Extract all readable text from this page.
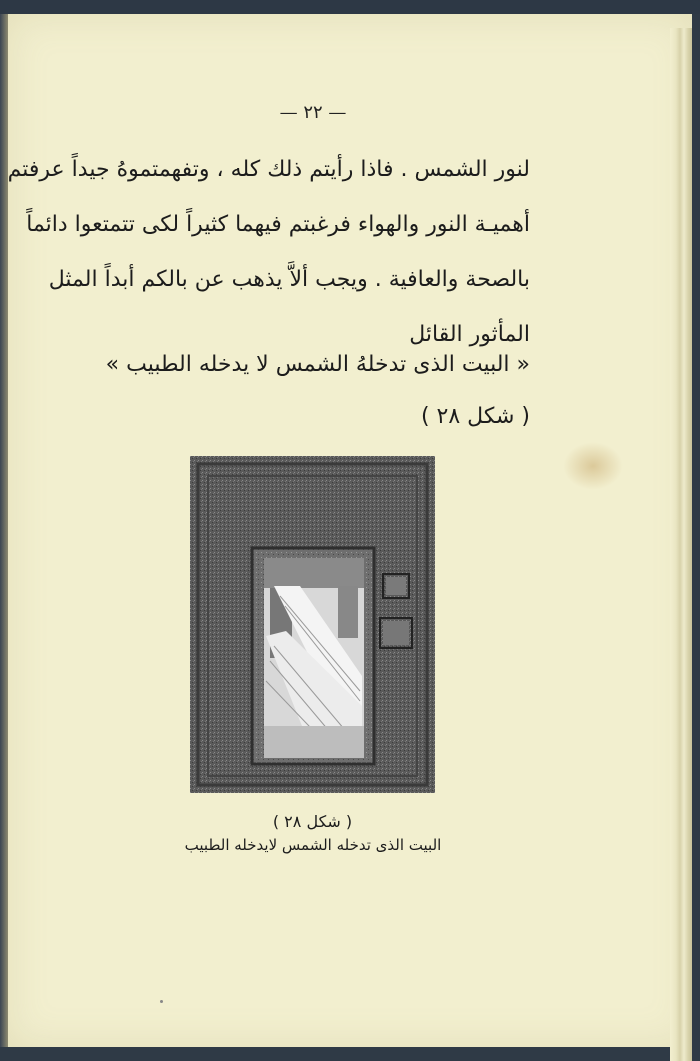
— ٢٢ —
لنور الشمس . فاذا رأيتم ذلك كله ، وتفهمتموهُ جيداً عرفتم
أهميـة النور والهواء فرغبتم فيهما كثيراً لكى تتمتعوا دائماً
بالصحة والعافية . ويجب ألاَّ يذهب عن بالكم أبداً المثل
المأثور القائل
« البيت الذى تدخلهُ الشمس لا يدخله الطبيب »
( شكل ٢٨ )
( شكل ٢٨ )
البيت الذى تدخله الشمس لايدخله الطبيب
